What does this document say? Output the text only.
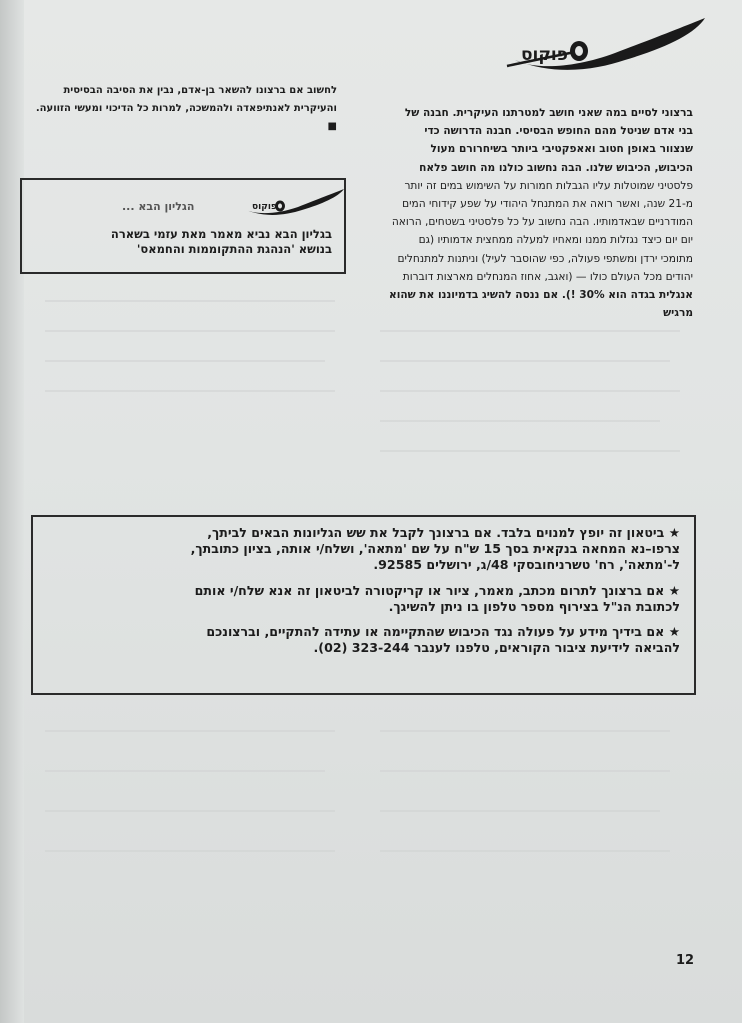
פוקוס
ברצוני לסיים במה שאני חושב למטרתנו העיקרית. חבנה של
בני אדם שניטל מהם החופש הבסיסי. חבנה הדרושה כדי
שנצוור באופן חטוב ואאפקטיבי ביותר בשיחרורם מעול
הכיבוש, הכיבוש שלנו. הבה נחשוב כולנו מה חושב פלאח
פלסטיני שמוטלות עליו הגבלות חמורות על השימוש במים זה יותר
מ-21 שנה, ואשר רואה את המתנחל היהודי על שפע קידוחי המים
המודרניים שבאדמותיו. הבה נחשוב על כל פלסטיני בשטחים, הרואה
יום יום כיצד נגזלות ממנו ומאחיו למעלה ממחצית אדמותיו (גם
מתומכי ירדן ומשתפי פעולה, כפי שהוסבר לעיל) וניתנות למתנחלים
יהודים מכל העולם כולו — (ואגב, אחוז המנחלים מארצות דוברות
אנגלית בגדה הוא 30% !). אם ננסה להשיג בדמיוננו את שהוא מרגיש
לחשוב אם ברצונו להשאר בן-אדם, נבין את הסיבה הבסיסית
והעיקרית לאנתיפאדה ולהמשכה, למרות כל הדיכוי ומעשי הזוועה. ■
פוקוס
הגליון הבא ...
בגליון הבא נביא מאמר מאת עזמי בשארה
בנושא 'הנהגת ההתקוממות והחמאס'
★ ביטאון זה יופץ למנוים בלבד. אם ברצונך לקבל את שש הגליונות הבאים לביתך,
צרפו–נא המחאה בנקאית בסך 15 ש"ח על שם 'מתאה', ושלח/י אותה, בציון כתובתך,
ל-'מתאה', רח' טשרניחובסקי 48/ג, ירושלים 92585.
★ אם ברצונך לתרום מכתב, מאמר, ציור או קריקטורה לביטאון זה אנא שלח/י אותם
לכתובת הנ"ל בצירוף מספר טלפון בו ניתן להשיגך.
★ אם בידיך מידע על פעולה נגד הכיבוש שהתקיימה או עתידה להתקיים, וברצונכם
להביאה לידיעת ציבור הקוראים, טלפנו לענבר 323-244 (02).
12
